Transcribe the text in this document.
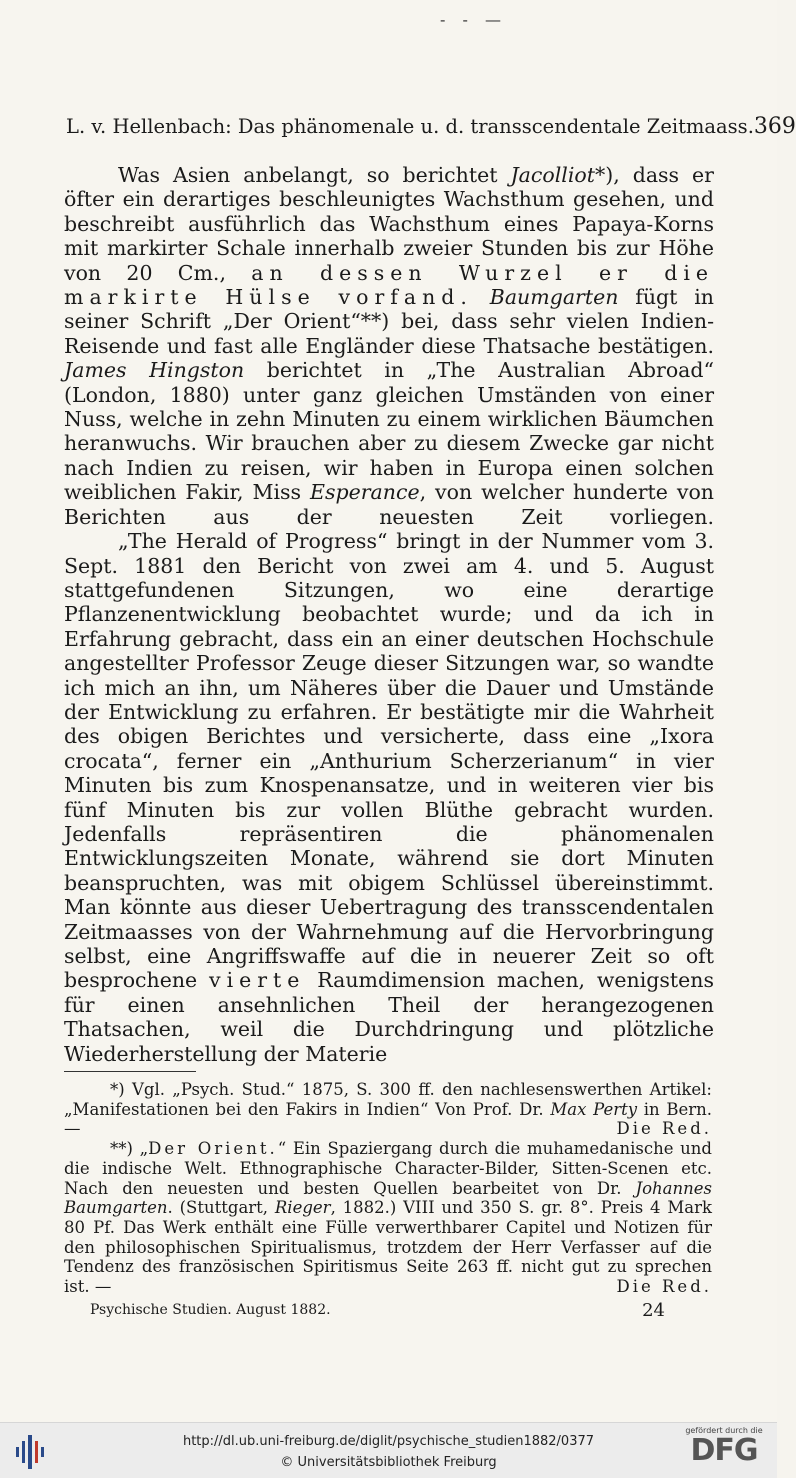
- - —
L. v. Hellenbach: Das phänomenale u. d. transscendentale Zeitmaass. 369

Was Asien anbelangt, so berichtet Jacolliot*), dass er öfter ein derartiges beschleunigtes Wachsthum gesehen, und beschreibt ausführlich das Wachsthum eines Papaya-Korns mit markirter Schale innerhalb zweier Stunden bis zur Höhe von 20 Cm., an dessen Wurzel er die markirte Hülse vorfand. Baumgarten fügt in seiner Schrift „Der Orient“**) bei, dass sehr vielen Indien-Reisende und fast alle Engländer diese Thatsache bestätigen. James Hingston berichtet in „The Australian Abroad“ (London, 1880) unter ganz gleichen Umständen von einer Nuss, welche in zehn Minuten zu einem wirklichen Bäumchen heranwuchs. Wir brauchen aber zu diesem Zwecke gar nicht nach Indien zu reisen, wir haben in Europa einen solchen weiblichen Fakir, Miss Esperance, von welcher hunderte von Berichten aus der neuesten Zeit vorliegen.

„The Herald of Progress“ bringt in der Nummer vom 3. Sept. 1881 den Bericht von zwei am 4. und 5. August stattgefundenen Sitzungen, wo eine derartige Pflanzenentwicklung beobachtet wurde; und da ich in Erfahrung gebracht, dass ein an einer deutschen Hochschule angestellter Professor Zeuge dieser Sitzungen war, so wandte ich mich an ihn, um Näheres über die Dauer und Umstände der Entwicklung zu erfahren. Er bestätigte mir die Wahrheit des obigen Berichtes und versicherte, dass eine „Ixora crocata“, ferner ein „Anthurium Scherzerianum“ in vier Minuten bis zum Knospenansatze, und in weiteren vier bis fünf Minuten bis zur vollen Blüthe gebracht wurden. Jedenfalls repräsentiren die phänomenalen Entwicklungszeiten Monate, während sie dort Minuten beanspruchten, was mit obigem Schlüssel übereinstimmt. Man könnte aus dieser Uebertragung des transscendentalen Zeitmaasses von der Wahrnehmung auf die Hervorbringung selbst, eine Angriffswaffe auf die in neuerer Zeit so oft besprochene vierte Raumdimension machen, wenigstens für einen ansehnlichen Theil der herangezogenen Thatsachen, weil die Durchdringung und plötzliche Wiederherstellung der Materie

*) Vgl. „Psych. Stud.“ 1875, S. 300 ff. den nachlesenswerthen Artikel: „Manifestationen bei den Fakirs in Indien“ Von Prof. Dr. Max Perty in Bern. —	Die Red.

**) „Der Orient.“ Ein Spaziergang durch die muhamedanische und die indische Welt. Ethnographische Character-Bilder, Sitten-Scenen etc. Nach den neuesten und besten Quellen bearbeitet von Dr. Johannes Baumgarten. (Stuttgart, Rieger, 1882.) VIII und 350 S. gr. 8°. Preis 4 Mark 80 Pf. Das Werk enthält eine Fülle verwerthbarer Capitel und Notizen für den philosophischen Spiritualismus, trotzdem der Herr Verfasser auf die Tendenz des französischen Spiritismus Seite 263 ff. nicht gut zu sprechen ist. —	Die Red.

Psychische Studien. August 1882.	24
http://dl.ub.uni-freiburg.de/diglit/psychische_studien1882/0377
© Universitätsbibliothek Freiburg
gefördert durch die
DFG
